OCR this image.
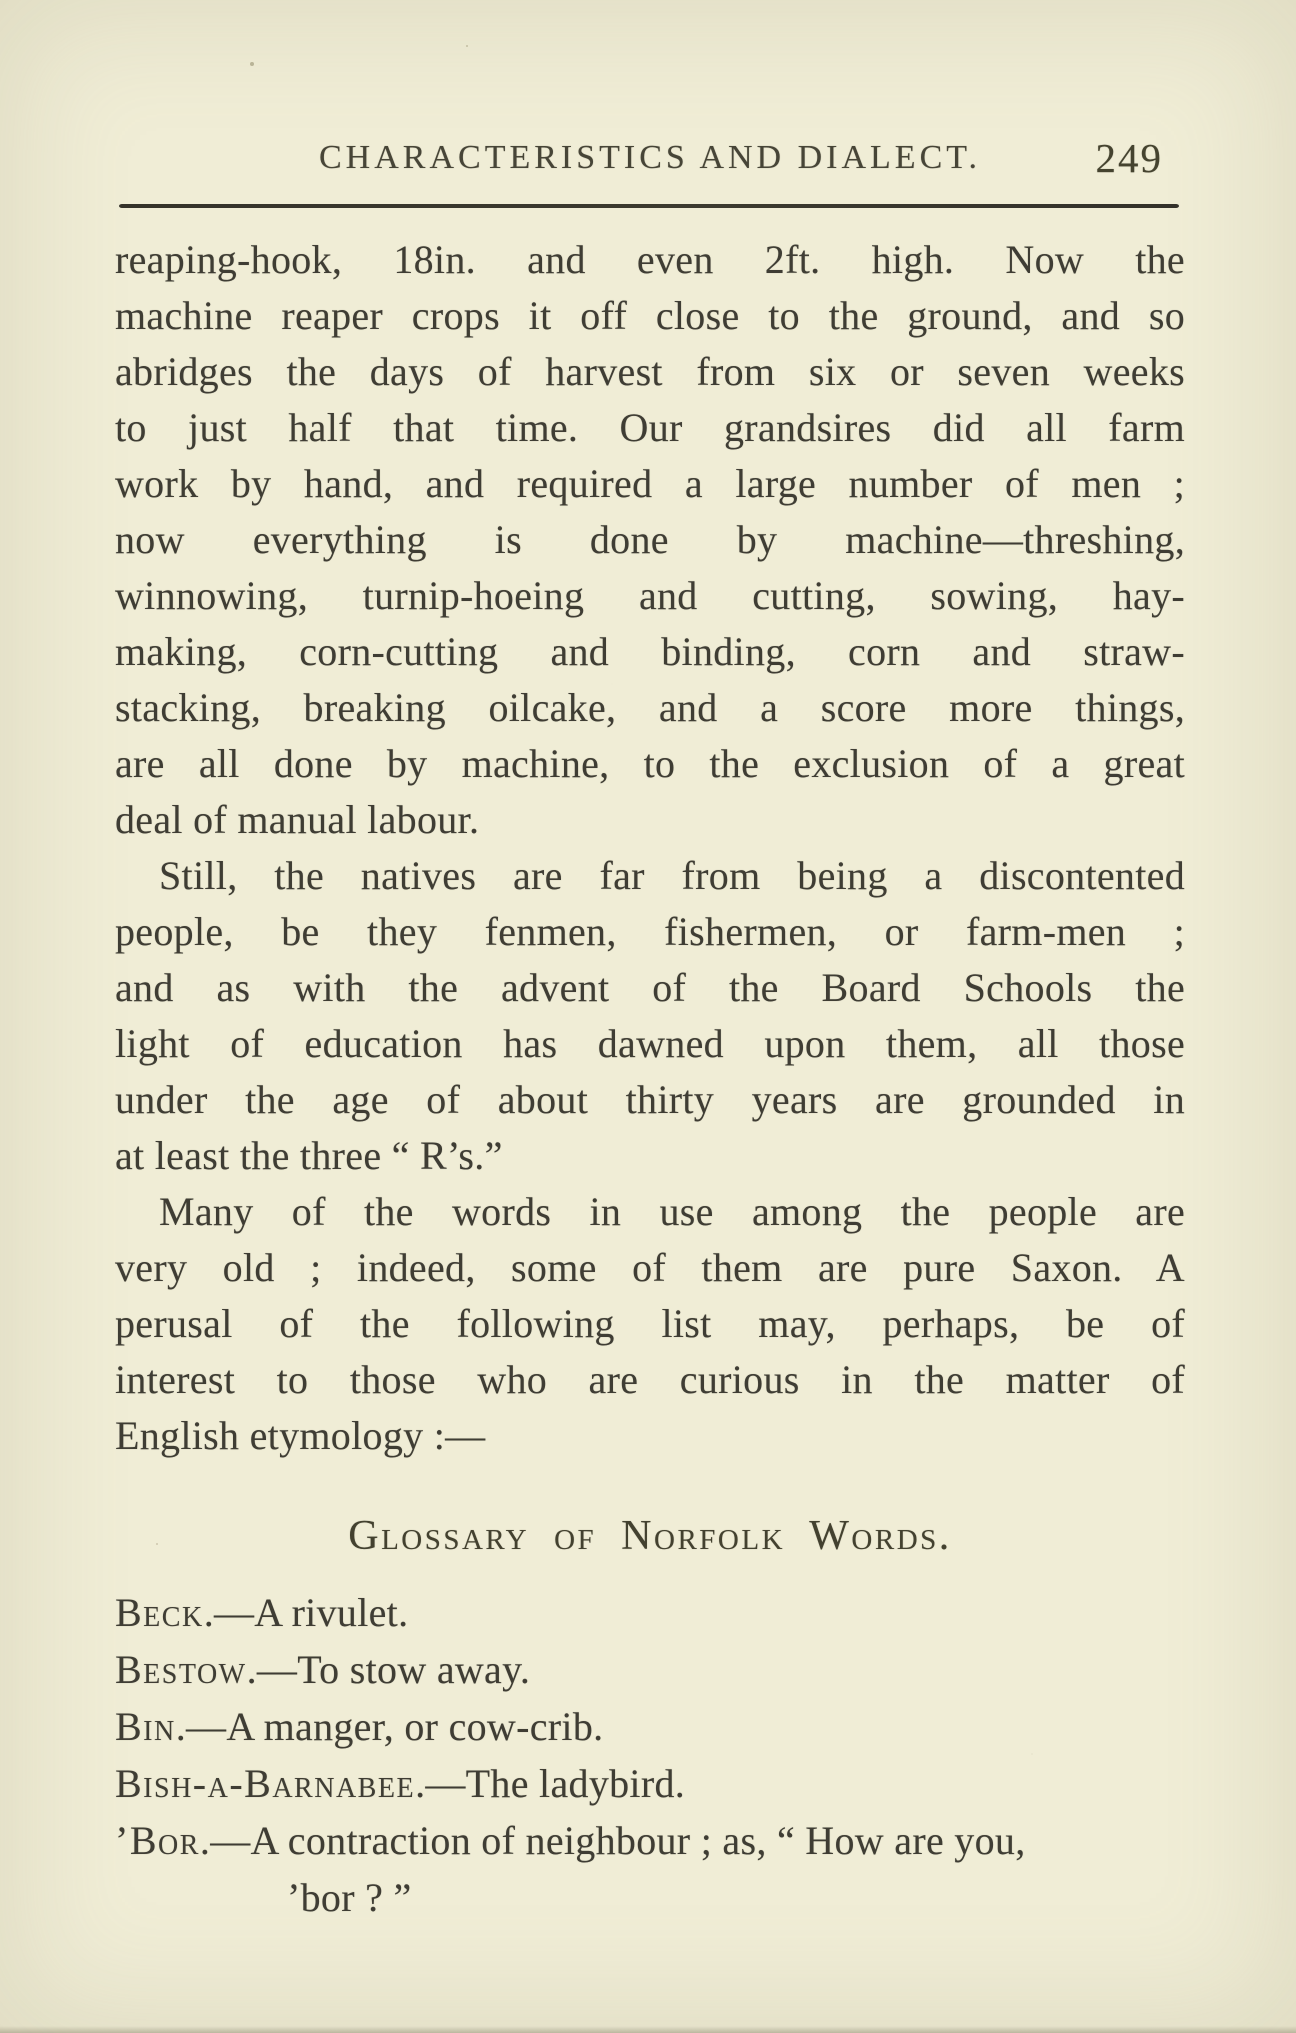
CHARACTERISTICS AND DIALECT.	249
reaping-hook, 18in. and even 2ft. high. Now the
machine reaper crops it off close to the ground, and so
abridges the days of harvest from six or seven weeks
to just half that time. Our grandsires did all farm
work by hand, and required a large number of men ;
now everything is done by machine—threshing,
winnowing, turnip-hoeing and cutting, sowing, hay-
making, corn-cutting and binding, corn and straw-
stacking, breaking oilcake, and a score more things,
are all done by machine, to the exclusion of a great
deal of manual labour.
Still, the natives are far from being a discontented
people, be they fenmen, fishermen, or farm-men ;
and as with the advent of the Board Schools the
light of education has dawned upon them, all those
under the age of about thirty years are grounded in
at least the three “ R’s.”
Many of the words in use among the people are
very old ; indeed, some of them are pure Saxon. A
perusal of the following list may, perhaps, be of
interest to those who are curious in the matter of
English etymology :—
Glossary of Norfolk Words.
Beck.—A rivulet.
Bestow.—To stow away.
Bin.—A manger, or cow-crib.
Bish-a-Barnabee.—The ladybird.
’Bor.—A contraction of neighbour ; as, “ How are you,
’bor ? ”
